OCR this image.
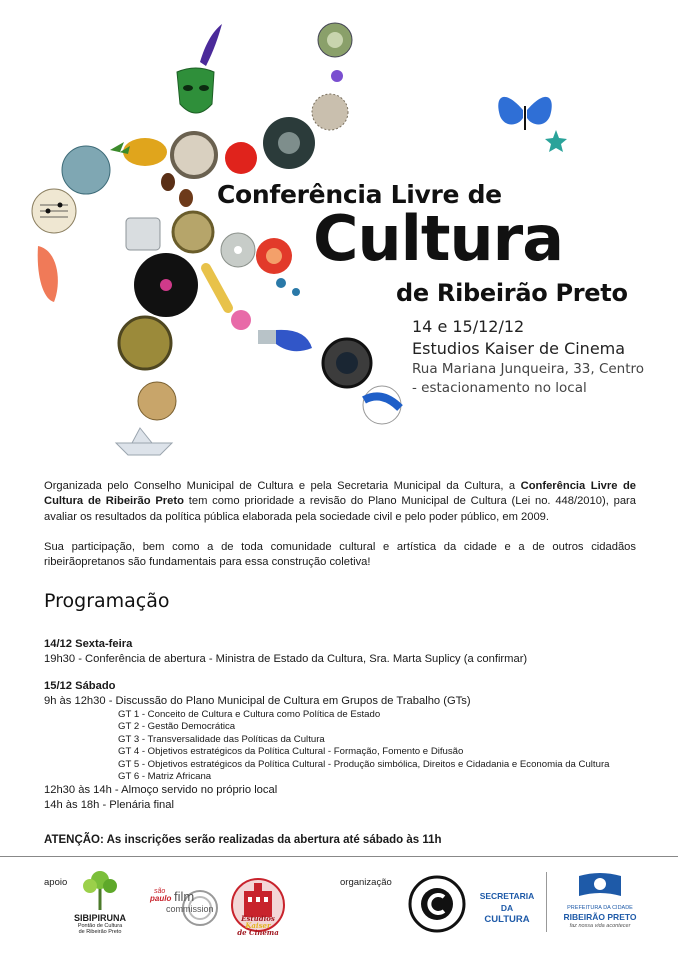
Conferência Livre de
Cultura
de Ribeirão Preto
14 e 15/12/12
Estudios Kaiser de Cinema
Rua Mariana Junqueira, 33, Centro
- estacionamento no local

Organizada pelo Conselho Municipal de Cultura e pela Secretaria Municipal da Cultura, a Conferência Livre de Cultura de Ribeirão Preto tem como prioridade a revisão do Plano Municipal de Cultura (Lei no. 448/2010), para avaliar os resultados da política pública elaborada pela sociedade civil e pelo poder público, em 2009.

Sua participação, bem como a de toda comunidade cultural e artística da cidade e a de outros cidadãos ribeirãopretanos são fundamentais para essa construção coletiva!

Programação
14/12 Sexta-feira
19h30 - Conferência de abertura - Ministra de Estado da Cultura, Sra. Marta Suplicy (a confirmar)
15/12 Sábado
9h às 12h30 - Discussão do Plano Municipal de Cultura em Grupos de Trabalho (GTs)
GT 1 - Conceito de Cultura e Cultura como Política de Estado
GT 2 - Gestão Democrática
GT 3 - Transversalidade das Políticas da Cultura
GT 4 - Objetivos estratégicos da Política Cultural - Formação, Fomento e Difusão
GT 5 - Objetivos estratégicos da Política Cultural - Produção simbólica, Direitos e Cidadania e Economia da Cultura
GT 6 - Matriz Africana
12h30 às 14h - Almoço servido no próprio local
14h às 18h - Plenária final
ATENÇÃO: As inscrições serão realizadas da abertura até sábado às 11h
apoio	organização
SIBIPIRUNA
Pontão de Cultura
de Ribeirão Preto
são
paulo film
commission
Estudios Kaiser
de Cinema
SECRETARIA DA
CULTURA
PREFEITURA DA CIDADE
RIBEIRÃO PRETO
faz nossa vida acontecer
